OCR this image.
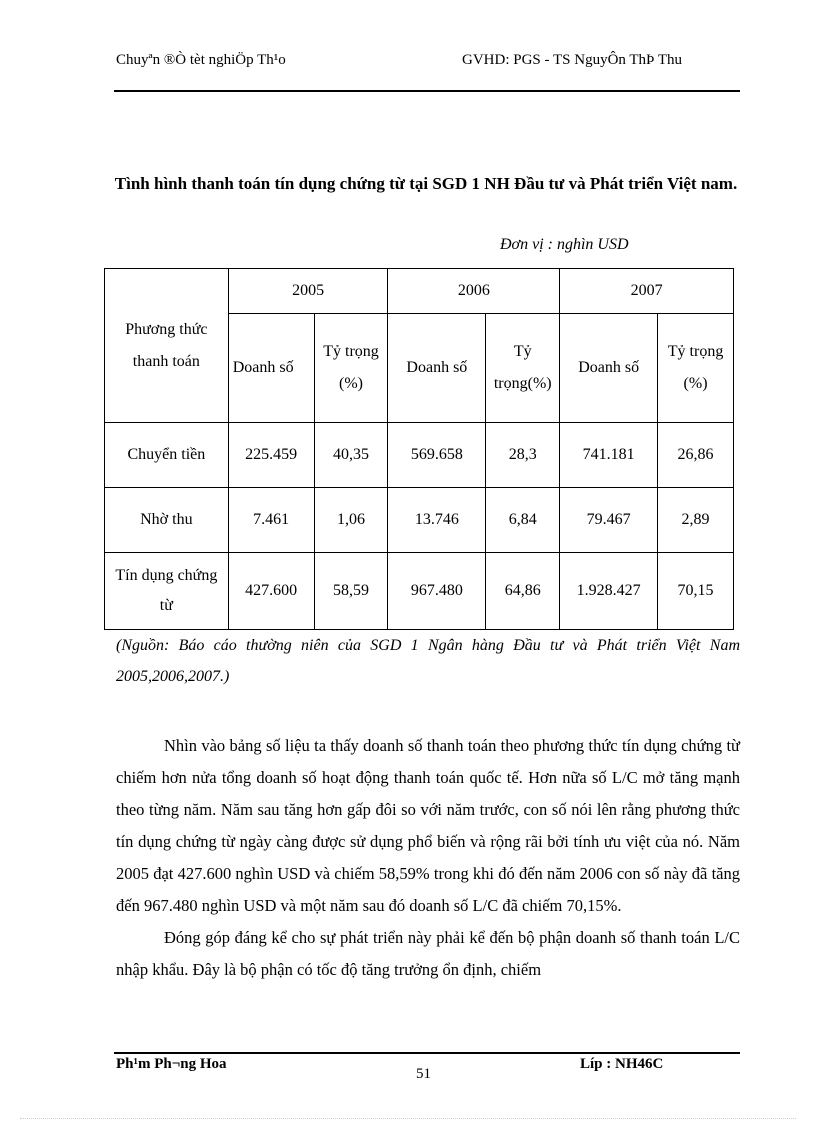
Chuyªn ®Ò tèt nghiÖp Th¹o	GVHD: PGS - TS NguyÔn ThÞ Thu
Tình hình thanh toán tín dụng chứng từ tại SGD 1 NH Đầu tư và Phát triển Việt nam.
Đơn vị : nghìn USD
Phương thức thanh toán	2005		2006		2007	
	Doanh số	Tỷ trọng (%)	Doanh số	Tỷ trọng(%)	Doanh số	Tỷ trọng (%)
Chuyển tiền	225.459	40,35	569.658	28,3	741.181	26,86
Nhờ thu	7.461	1,06	13.746	6,84	79.467	2,89
Tín dụng chứng từ	427.600	58,59	967.480	64,86	1.928.427	70,15
(Nguồn: Báo cáo thường niên của SGD 1 Ngân hàng Đầu tư và Phát triển Việt Nam 2005,2006,2007.)

Nhìn vào bảng số liệu ta thấy doanh số thanh toán theo phương thức tín dụng chứng từ chiếm hơn nửa tổng doanh số hoạt động thanh toán quốc tế. Hơn nữa số L/C mở tăng mạnh theo từng năm. Năm sau tăng hơn gấp đôi so với năm trước, con số nói lên rằng phương thức tín dụng chứng từ ngày càng được sử dụng phổ biến và rộng rãi bởi tính ưu việt của nó. Năm 2005 đạt 427.600 nghìn USD và chiếm 58,59% trong khi đó đến năm 2006 con số này đã tăng đến 967.480 nghìn USD và một năm sau đó doanh số L/C đã chiếm 70,15%.

Đóng góp đáng kể cho sự phát triển này phải kể đến bộ phận doanh số thanh toán L/C nhập khẩu. Đây là bộ phận có tốc độ tăng trưởng ổn định, chiếm

Ph¹m Ph¬ng Hoa
51
Líp : NH46C
